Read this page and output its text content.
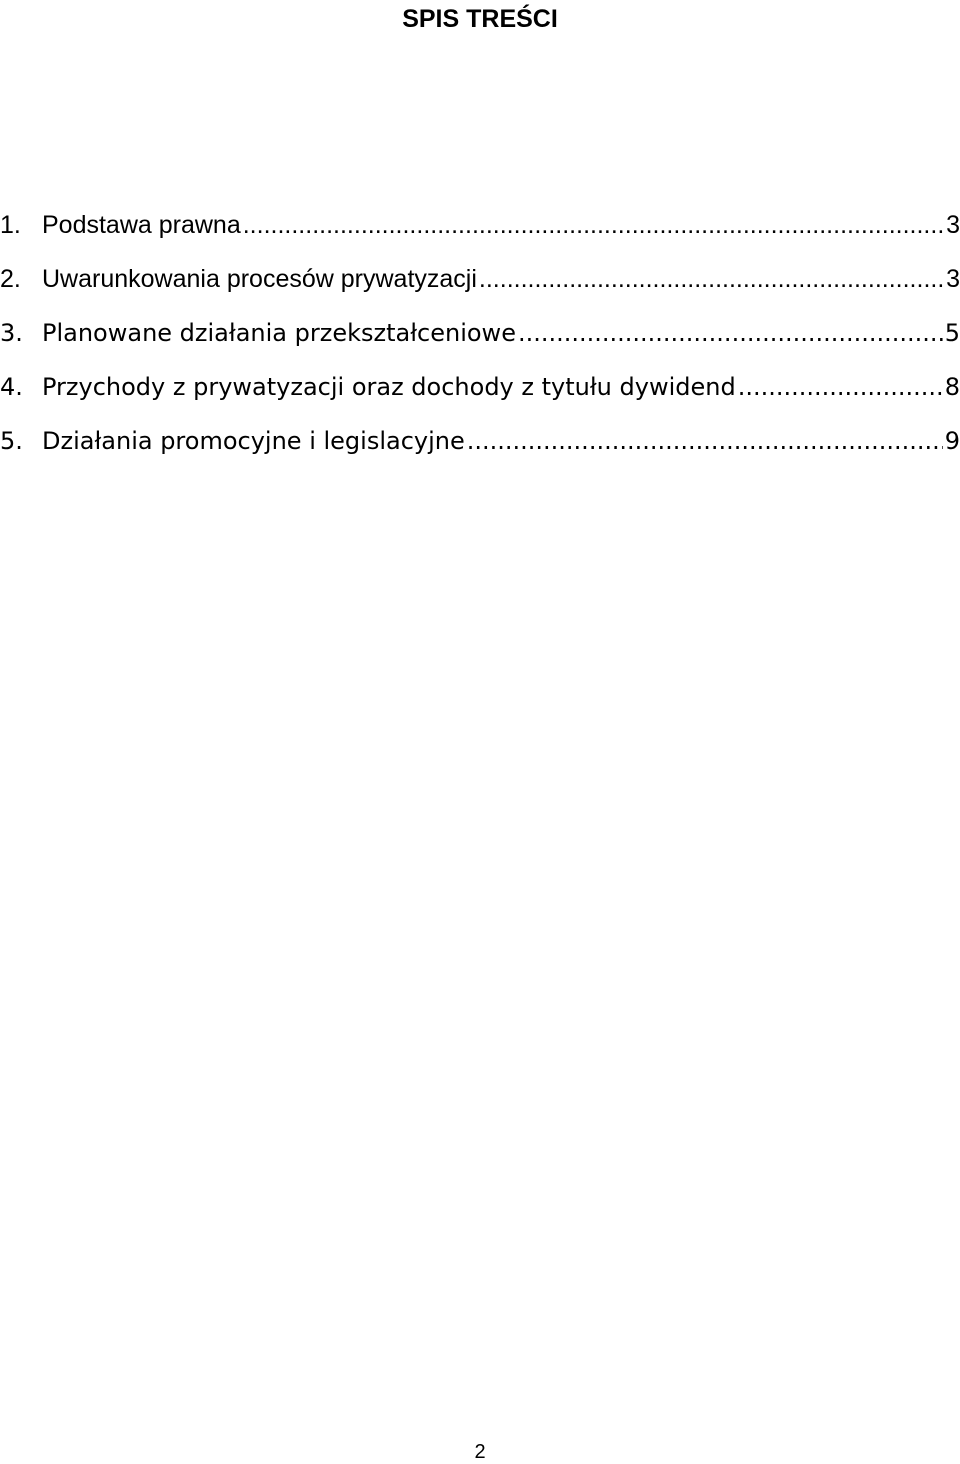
SPIS TREŚCI
1. Podstawa prawna .....	3
2. Uwarunkowania procesów prywatyzacji .....	3
3. Planowane działania przekształceniowe .....	5
4. Przychody z prywatyzacji oraz dochody z tytułu dywidend .....	8
5. Działania promocyjne i legislacyjne .....	9

2
